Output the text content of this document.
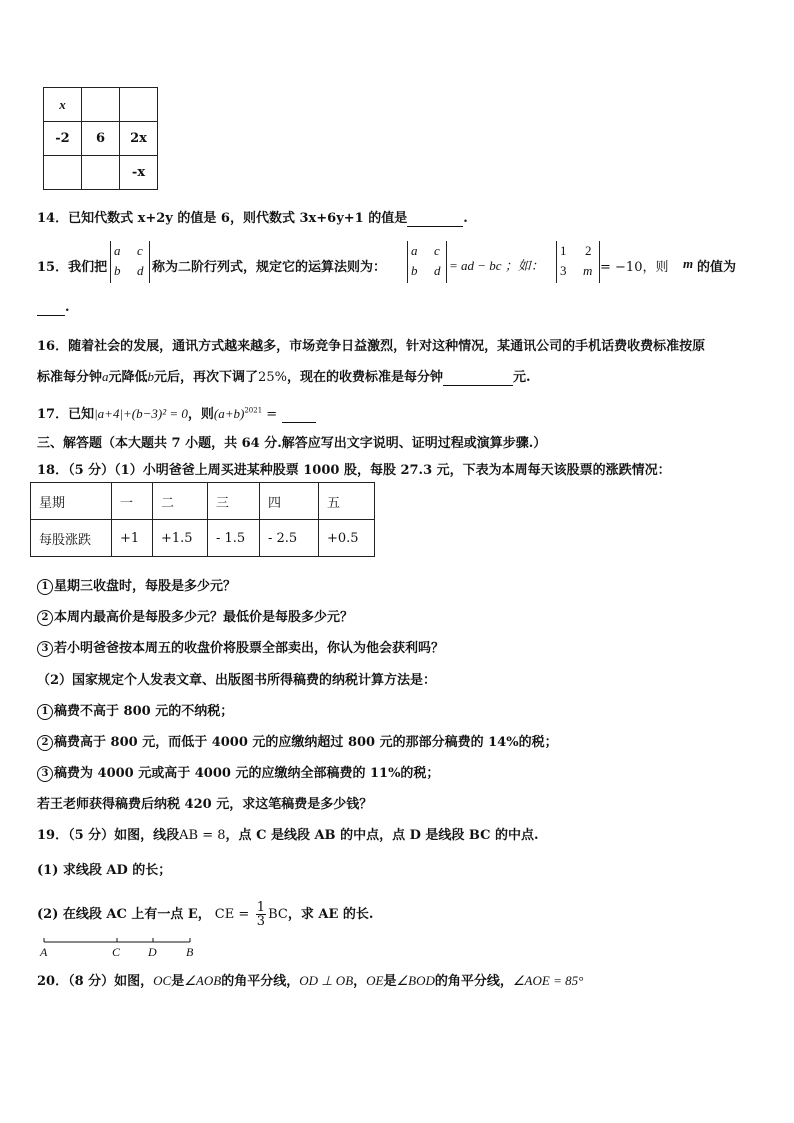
x		
-2	6	2x
		-x
14．已知代数式 x+2y 的值是 6，则代数式 3x+6y+1 的值是	.
15．我们把
a c
b d 称为二阶行列式，规定它的运算法则为：
a c
b d = ad − bc ；如：
1 2
3 m = −10，则 m 的值为
.
16．随着社会的发展，通讯方式越来越多，市场竞争日益激烈，针对这种情况，某通讯公司的手机话费收费标准按原
标准每分钟a元降低b元后，再次下调了25%，现在的收费标准是每分钟	元.
17．已知|a+4|+(b−3)² = 0，则$(a+b)^{2021}$ =
三、解答题（本大题共 7 小题，共 64 分.解答应写出文字说明、证明过程或演算步骤.）
18．（5 分）（1）小明爸爸上周买进某种股票 1000 股，每股 27.3 元，下表为本周每天该股票的涨跌情况：
星期	一	二	三	四	五
每股涨跌	+1	+1.5	- 1.5	- 2.5	+0.5
1 星期三收盘时，每股是多少元？
2 本周内最高价是每股多少元？最低价是每股多少元？
3 若小明爸爸按本周五的收盘价将股票全部卖出，你认为他会获利吗？
（2）国家规定个人发表文章、出版图书所得稿费的纳税计算方法是：
1 稿费不高于 800 元的不纳税；
2 稿费高于 800 元，而低于 4000 元的应缴纳超过 800 元的那部分稿费的 14%的税；
3 稿费为 4000 元或高于 4000 元的应缴纳全部稿费的 11%的税；
若王老师获得稿费后纳税 420 元，求这笔稿费是多少钱？
19．（5 分）如图，线段AB = 8，点 C 是线段 AB 的中点，点 D 是线段 BC 的中点.
(1) 求线段 AD 的长；
(2) 在线段 AC 上有一点 E， CE = $\frac{1}{3}$ BC，求 AE 的长.
A	C D B
20．（8 分）如图，OC是∠AOB的角平分线，OD ⊥ OB，OE是∠BOD的角平分线，∠AOE = 85°
